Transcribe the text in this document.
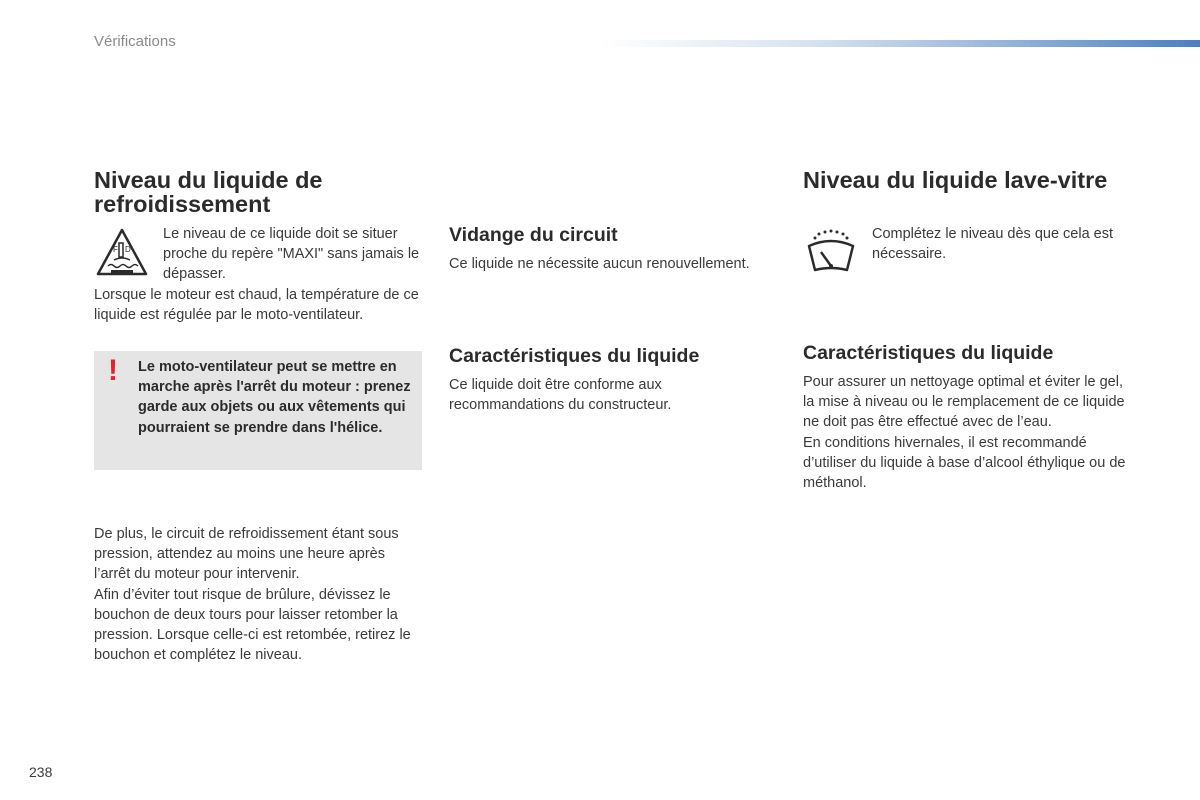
Vérifications
Niveau du liquide de refroidissement
F D

Le niveau de ce liquide doit se situer proche du repère "MAXI" sans jamais le dépasser.

Lorsque le moteur est chaud, la température de ce liquide est régulée par le moto-ventilateur.

! Le moto-ventilateur peut se mettre en marche après l'arrêt du moteur : prenez garde aux objets ou aux vêtements qui pourraient se prendre dans l'hélice.

De plus, le circuit de refroidissement étant sous pression, attendez au moins une heure après l’arrêt du moteur pour intervenir.

Afin d’éviter tout risque de brûlure, dévissez le bouchon de deux tours pour laisser retomber la pression. Lorsque celle-ci est retombée, retirez le bouchon et complétez le niveau.

Vidange du circuit

Ce liquide ne nécessite aucun renouvellement.

Caractéristiques du liquide

Ce liquide doit être conforme aux recommandations du constructeur.

Niveau du liquide lave-vitre

Complétez le niveau dès que cela est nécessaire.

Caractéristiques du liquide

Pour assurer un nettoyage optimal et éviter le gel, la mise à niveau ou le remplacement de ce liquide ne doit pas être effectué avec de l’eau.

En conditions hivernales, il est recommandé d’utiliser du liquide à base d’alcool éthylique ou de méthanol.

238
